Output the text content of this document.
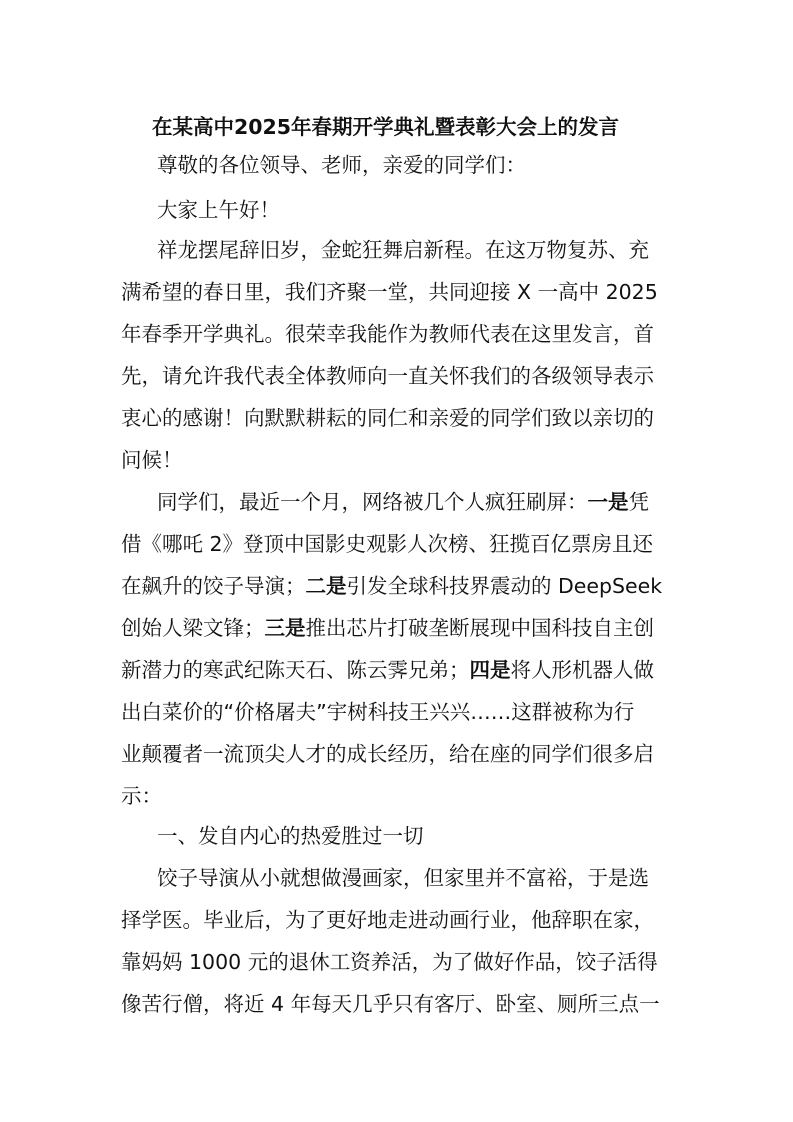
在某高中2025年春期开学典礼暨表彰大会上的发言
尊敬的各位领导、老师，亲爱的同学们：
大家上午好！
祥龙摆尾辞旧岁，金蛇狂舞启新程。在这万物复苏、充
满希望的春日里，我们齐聚一堂，共同迎接 X 一高中 2025
年春季开学典礼。很荣幸我能作为教师代表在这里发言，首
先，请允许我代表全体教师向一直关怀我们的各级领导表示
衷心的感谢！向默默耕耘的同仁和亲爱的同学们致以亲切的
问候！
同学们，最近一个月，网络被几个人疯狂刷屏：一是凭
借《哪吒 2》登顶中国影史观影人次榜、狂揽百亿票房且还
在飙升的饺子导演；二是引发全球科技界震动的 DeepSeek
创始人梁文锋；三是推出芯片打破垄断展现中国科技自主创
新潜力的寒武纪陈天石、陈云霁兄弟；四是将人形机器人做
出白菜价的“价格屠夫”宇树科技王兴兴……这群被称为行
业颠覆者一流顶尖人才的成长经历，给在座的同学们很多启
示：
一、发自内心的热爱胜过一切
饺子导演从小就想做漫画家，但家里并不富裕，于是选
择学医。毕业后，为了更好地走进动画行业，他辞职在家，
靠妈妈 1000 元的退休工资养活，为了做好作品，饺子活得
像苦行僧，将近 4 年每天几乎只有客厅、卧室、厕所三点一
